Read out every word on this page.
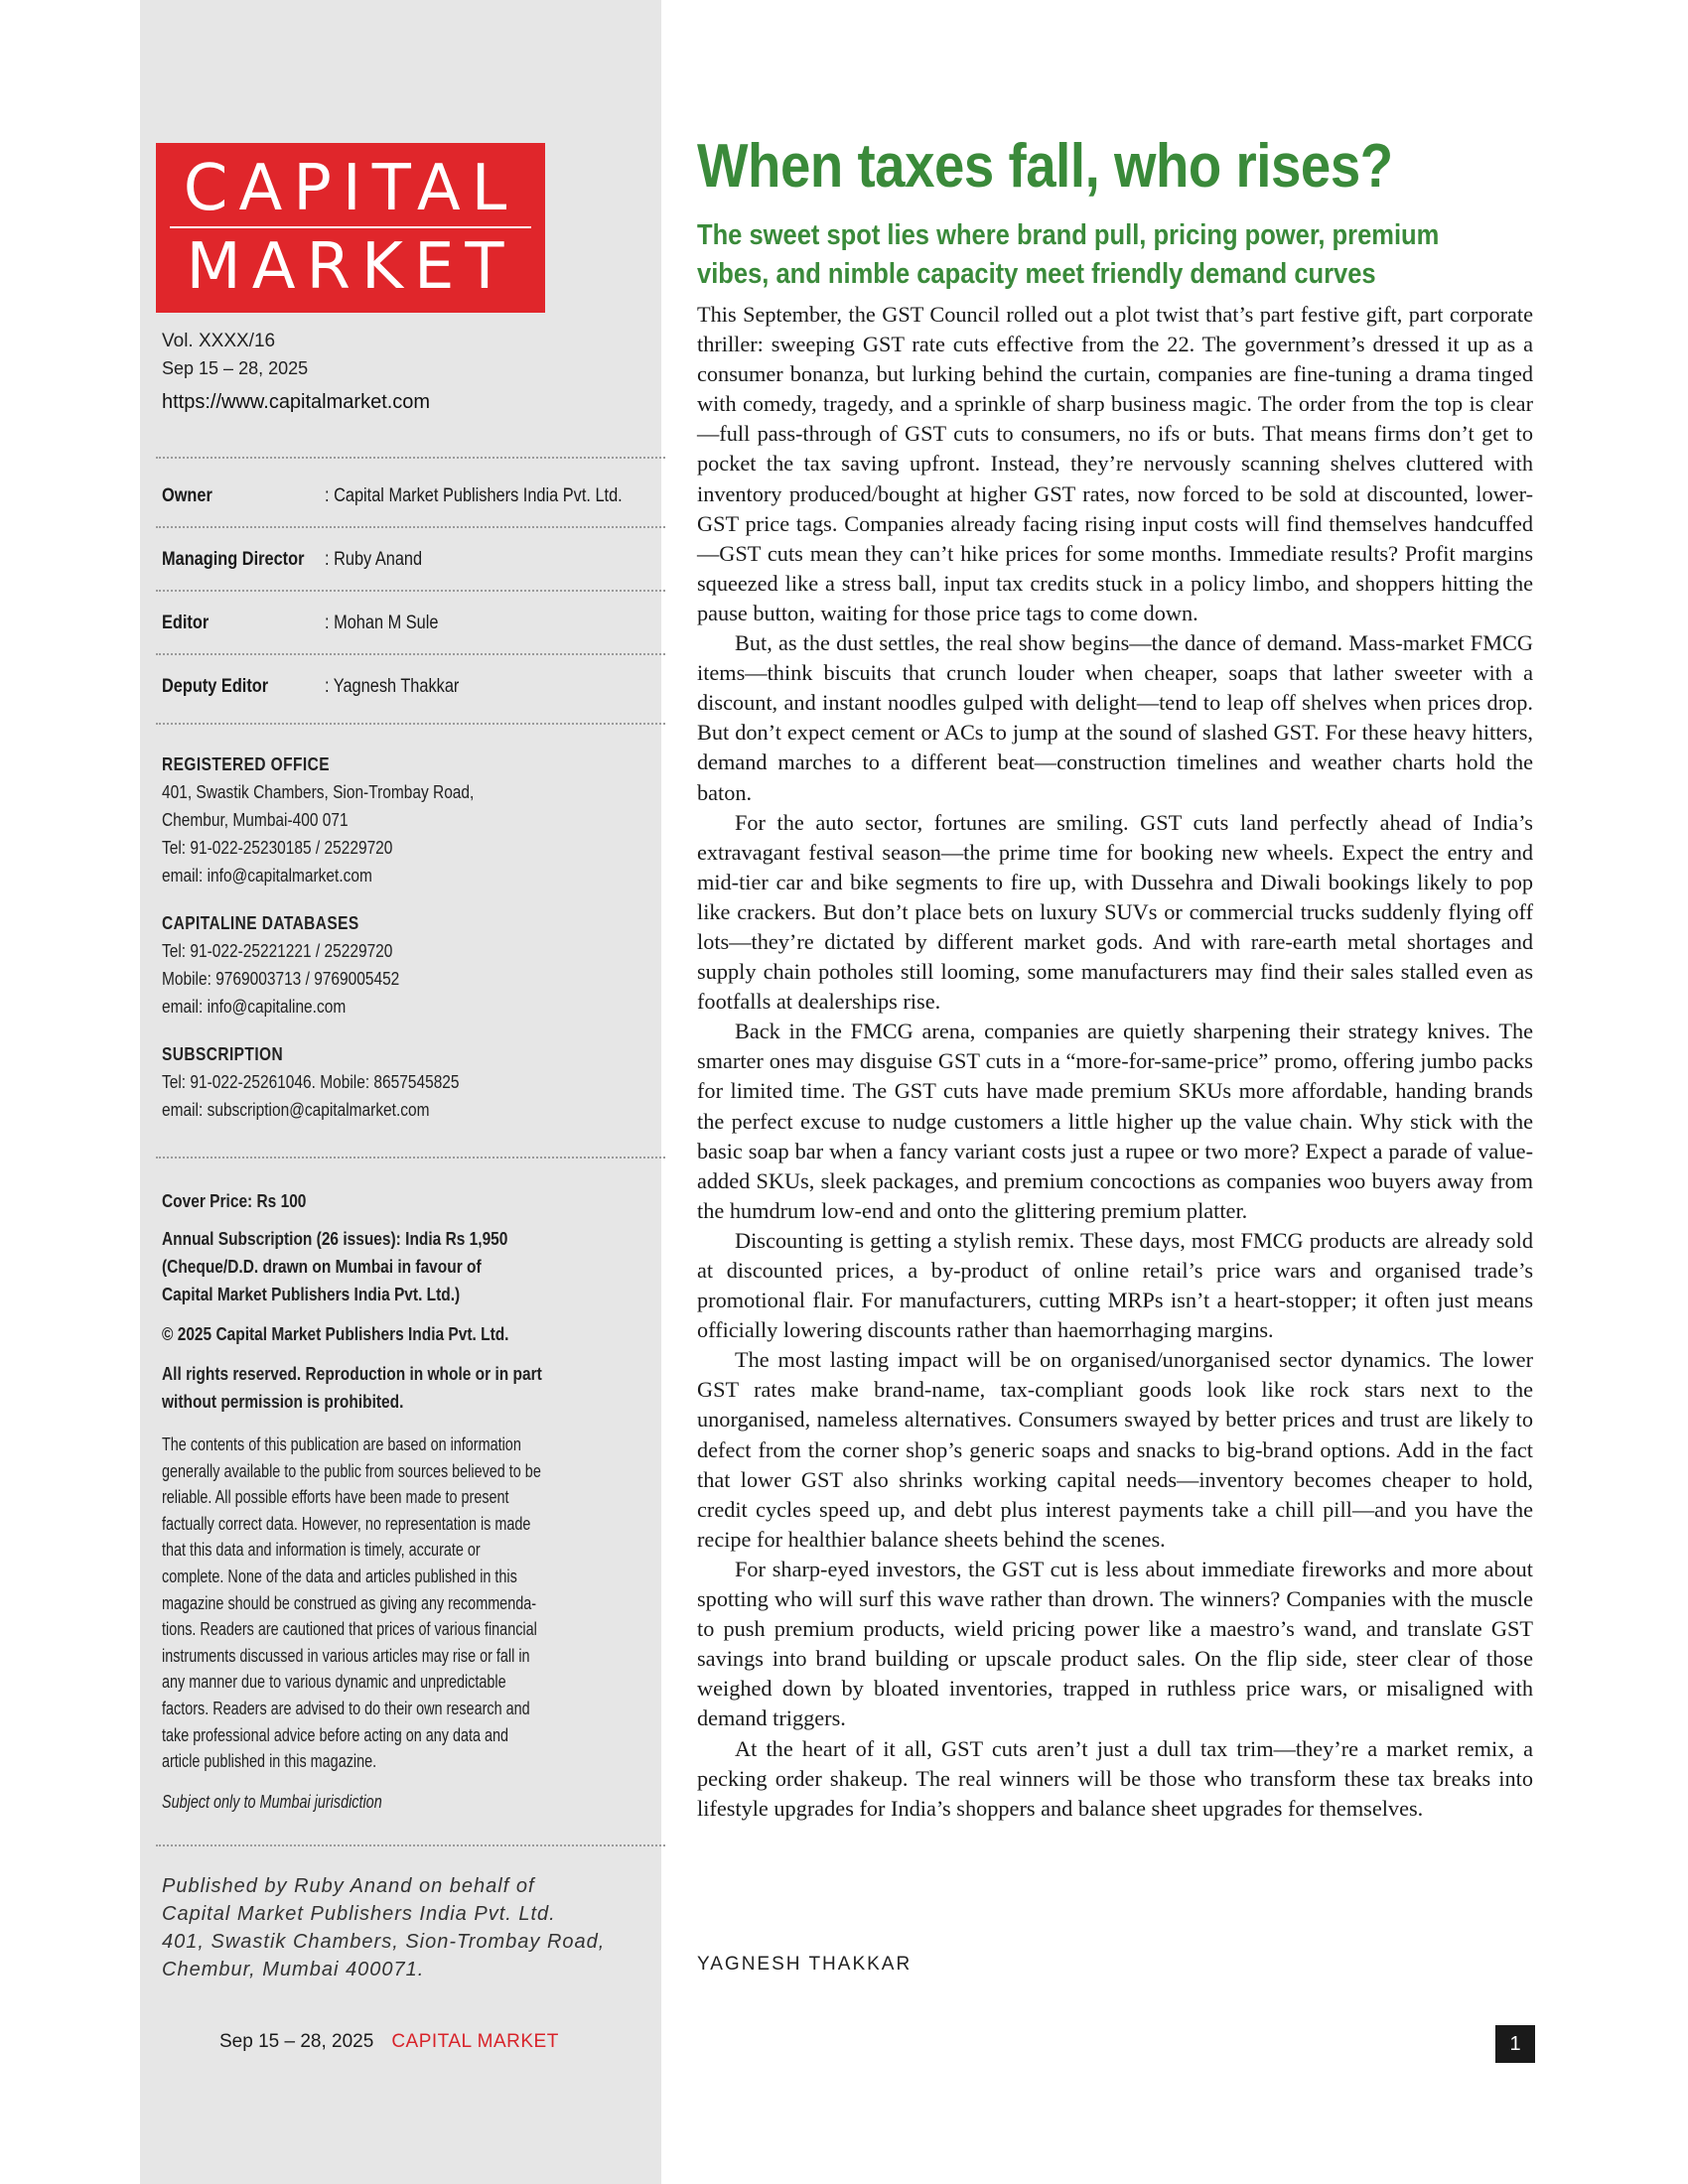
CAPITAL
MARKET
Vol. XXXX/16
Sep 15 – 28, 2025
https://www.capitalmarket.com
Owner	: Capital Market Publishers India Pvt. Ltd.
Managing Director : Ruby Anand
Editor	: Mohan M Sule
Deputy Editor	: Yagnesh Thakkar
REGISTERED OFFICE
401, Swastik Chambers, Sion-Trombay Road,
Chembur, Mumbai-400 071
Tel: 91-022-25230185 / 25229720
email: info@capitalmarket.com
CAPITALINE DATABASES
Tel: 91-022-25221221 / 25229720
Mobile: 9769003713 / 9769005452
email: info@capitaline.com
SUBSCRIPTION
Tel: 91-022-25261046. Mobile: 8657545825
email: subscription@capitalmarket.com
Cover Price: Rs 100
Annual Subscription (26 issues): India Rs 1,950
(Cheque/D.D. drawn on Mumbai in favour of
Capital Market Publishers India Pvt. Ltd.)
© 2025 Capital Market Publishers India Pvt. Ltd.
All rights reserved. Reproduction in whole or in part
without permission is prohibited.
The contents of this publication are based on information
generally available to the public from sources believed to be
reliable. All possible efforts have been made to present
factually correct data. However, no representation is made
that this data and information is timely, accurate or
complete. None of the data and articles published in this
magazine should be construed as giving any recommenda-
tions. Readers are cautioned that prices of various financial
instruments discussed in various articles may rise or fall in
any manner due to various dynamic and unpredictable
factors. Readers are advised to do their own research and
take professional advice before acting on any data and
article published in this magazine.
Subject only to Mumbai jurisdiction
Published by Ruby Anand on behalf of
Capital Market Publishers India Pvt. Ltd.
401, Swastik Chambers, Sion-Trombay Road,
Chembur, Mumbai 400071.
Sep 15 – 28, 2025 CAPITAL MARKET	1
When taxes fall, who rises?
The sweet spot lies where brand pull, pricing power, premium
vibes, and nimble capacity meet friendly demand curves

This September, the GST Council rolled out a plot twist that’s part festive gift, part corporate thriller: sweeping GST rate cuts effective from the 22. The government’s dressed it up as a consumer bonanza, but lurking behind the curtain, companies are fine-tuning a drama tinged with comedy, tragedy, and a sprinkle of sharp business magic. The order from the top is clear—full pass-through of GST cuts to consumers, no ifs or buts. That means firms don’t get to pocket the tax saving upfront. Instead, they’re nervously scanning shelves cluttered with inventory produced/bought at higher GST rates, now forced to be sold at discounted, lower-GST price tags. Companies already facing rising input costs will find themselves handcuffed—GST cuts mean they can’t hike prices for some months. Immediate results? Profit margins squeezed like a stress ball, input tax credits stuck in a policy limbo, and shoppers hitting the pause button, waiting for those price tags to come down.

But, as the dust settles, the real show begins—the dance of demand. Mass-market FMCG items—think biscuits that crunch louder when cheaper, soaps that lather sweeter with a discount, and instant noodles gulped with delight—tend to leap off shelves when prices drop. But don’t expect cement or ACs to jump at the sound of slashed GST. For these heavy hitters, demand marches to a different beat—construction timelines and weather charts hold the baton.

For the auto sector, fortunes are smiling. GST cuts land perfectly ahead of India’s extravagant festival season—the prime time for booking new wheels. Expect the entry and mid-tier car and bike segments to fire up, with Dussehra and Diwali bookings likely to pop like crackers. But don’t place bets on luxury SUVs or commercial trucks suddenly flying off lots—they’re dictated by different market gods. And with rare-earth metal shortages and supply chain potholes still looming, some manufacturers may find their sales stalled even as footfalls at dealerships rise.

Back in the FMCG arena, companies are quietly sharpening their strategy knives. The smarter ones may disguise GST cuts in a “more-for-same-price” promo, offering jumbo packs for limited time. The GST cuts have made premium SKUs more affordable, handing brands the perfect excuse to nudge customers a little higher up the value chain. Why stick with the basic soap bar when a fancy variant costs just a rupee or two more? Expect a parade of value-added SKUs, sleek packages, and premium concoctions as companies woo buyers away from the humdrum low-end and onto the glittering premium platter.

Discounting is getting a stylish remix. These days, most FMCG products are already sold at discounted prices, a by-product of online retail’s price wars and organised trade’s promotional flair. For manufacturers, cutting MRPs isn’t a heart-stopper; it often just means officially lowering discounts rather than haemorrhaging margins.

The most lasting impact will be on organised/unorganised sector dynamics. The lower GST rates make brand-name, tax-compliant goods look like rock stars next to the unorganised, nameless alternatives. Consumers swayed by better prices and trust are likely to defect from the corner shop’s generic soaps and snacks to big-brand options. Add in the fact that lower GST also shrinks working capital needs—inventory becomes cheaper to hold, credit cycles speed up, and debt plus interest payments take a chill pill—and you have the recipe for healthier balance sheets behind the scenes.

For sharp-eyed investors, the GST cut is less about immediate fireworks and more about spotting who will surf this wave rather than drown. The winners? Companies with the muscle to push premium products, wield pricing power like a maestro’s wand, and translate GST savings into brand building or upscale product sales. On the flip side, steer clear of those weighed down by bloated inventories, trapped in ruthless price wars, or misaligned with demand triggers.

At the heart of it all, GST cuts aren’t just a dull tax trim—they’re a market remix, a pecking order shakeup. The real winners will be those who transform these tax breaks into lifestyle upgrades for India’s shoppers and balance sheet upgrades for themselves.

YAGNESH THAKKAR
